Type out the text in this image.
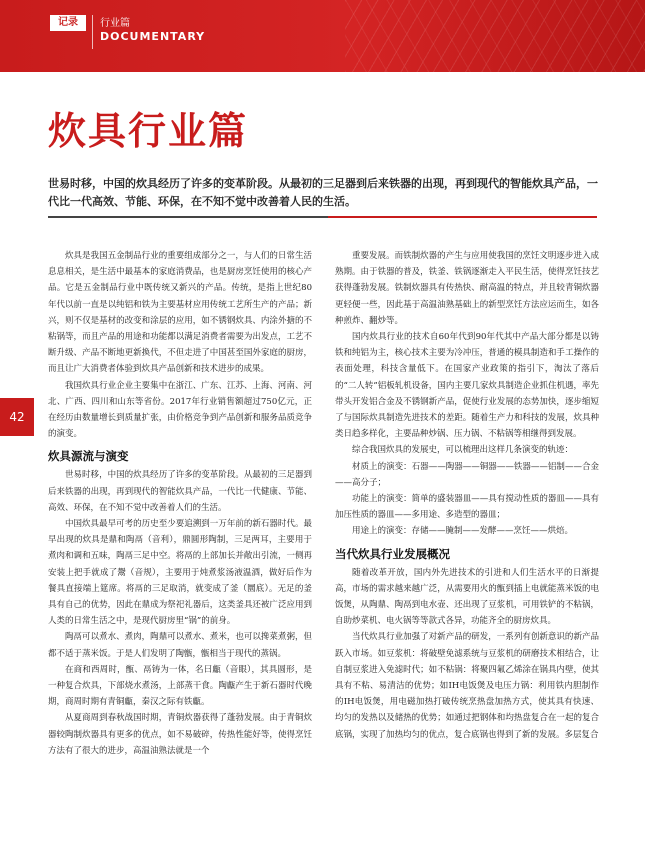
记录	行业篇
DOCUMENTARY
炊具行业篇

世易时移，中国的炊具经历了许多的变革阶段。从最初的三足器到后来铁器的出现，再到现代的智能炊具产品，一代比一代高效、节能、环保，在不知不觉中改善着人民的生活。

42

炊具是我国五金制品行业的重要组成部分之一，与人们的日常生活息息相关，是生活中最基本的家庭消费品，也是厨房烹饪使用的核心产品。它是五金制品行业中既传统又新兴的产品。传统，是指上世纪80年代以前一直是以纯铝和铁为主要基材应用传统工艺所生产的产品；新兴，则不仅是基材的改变和涂层的应用，如不锈钢炊具、内涂外搪的不粘锅等，而且产品的用途和功能都以满足消费者需要为出发点，工艺不断升级、产品不断地更新换代，不但走进了中国甚至国外家庭的厨房，而且让广大消费者体验到炊具产品创新和技术进步的成果。

我国炊具行业企业主要集中在浙江、广东、江苏、上海、河南、河北、广西、四川和山东等省份。2017年行业销售额超过750亿元，正在经历由数量增长到质量扩张，由价格竞争到产品创新和服务品质竞争的演变。

炊具源流与演变

世易时移，中国的炊具经历了许多的变革阶段。从最初的三足器到后来铁器的出现，再到现代的智能炊具产品，一代比一代健康、节能、高效、环保，在不知不觉中改善着人们的生活。

中国炊具最早可考的历史至少要追溯到一万年前的新石器时代。最早出现的炊具是鼎和陶鬲（音利），鼎圆形陶制，三足两耳，主要用于煮肉和调和五味，陶鬲三足中空。将鬲的上部加长并敞出引流，一侧再安装上把手就成了鬶（音规），主要用于炖煮浆汤液温酒，做好后作为餐具直接端上筵席。将鬲的三足取消，就变成了釜（圜底）。无足的釜具有自己的优势，因此在鼎成为祭祀礼器后，这类釜具还被广泛应用到人类的日常生活之中，是现代厨房里“锅”的前身。

陶鬲可以煮水、煮肉，陶鼎可以煮水、煮米，也可以搀菜煮粥，但都不适于蒸米饭。于是人们发明了陶甑，甑相当于现代的蒸锅。

在商和西周时，甑、鬲铸为一体，名曰甗（音眼），其具圆形，是一种复合炊具，下部烧水煮汤，上部蒸干食。陶甗产生于新石器时代晚期，商周时期有青铜甗，秦汉之际有铁甗。

从夏商周到春秋战国时期，青铜炊器获得了蓬勃发展。由于青铜炊器较陶制炊器具有更多的优点，如不易破碎，传热性能好等，使得烹饪方法有了很大的进步，高温油熟法就是一个

重要发展。而铁制炊器的产生与应用使我国的烹饪文明逐步进入成熟期。由于铁器的普及，铁釜、铁锅逐渐走入平民生活，使得烹饪技艺获得蓬勃发展。铁制炊器具有传热快、耐高温的特点，并且较青铜炊器更轻便一些，因此基于高温油熟基础上的新型烹饪方法应运而生，如各种煎炸、翻炒等。

国内炊具行业的技术自60年代到90年代其中产品大部分都是以铸铁和纯铝为主，核心技术主要为冷冲压，普通的模具制造和手工操作的表面处理，科技含量低下。在国家产业政策的指引下，淘汰了落后的“二人转”铝板轧机设备，国内主要几家炊具制造企业抓住机遇，率先带头开发铝合金及不锈钢新产品，促使行业发展的态势加快，逐步缩短了与国际炊具制造先进技术的差距。随着生产力和科技的发展，炊具种类日趋多样化，主要品种炒锅、压力锅、不粘锅等相继得到发展。

综合我国炊具的发展史，可以梳理出这样几条演变的轨迹：

材质上的演变：石器——陶器——铜器——铁器——铝制——合金——高分子；

功能上的演变：简单的盛装器皿——具有搅动性质的器皿——具有加压性质的器皿——多用途、多造型的器皿；

用途上的演变：存储——腌制——发酵——烹饪——烘焙。

当代炊具行业发展概况

随着改革开放，国内外先进技术的引进和人们生活水平的日渐提高，市场的需求越来越广泛，从需要用火的甑到插上电就能蒸米饭的电饭煲，从陶鼎、陶鬲到电水壶、还出现了豆浆机，可用铁铲的不粘锅，自助炒菜机、电火锅等等款式各异，功能齐全的厨房炊具。

当代炊具行业加强了对新产品的研发，一系列有创新意识的新产品跃入市场。如豆浆机：将破壁免滤系统与豆浆机的研磨技术相结合，让自制豆浆进入免滤时代；如不粘锅：将聚四氟乙烯涂在锅具内壁，使其具有不粘、易清洁的优势；如IH电饭煲及电压力锅：利用铁内胆制作的IH电饭煲，用电磁加热打破传统烹热盘加热方式，使其具有快速、均匀的发热以及储热的优势；如通过把钢体和均热盘复合在一起的复合底锅，实现了加热均匀的优点，复合底锅也得到了新的发展。多层复合
